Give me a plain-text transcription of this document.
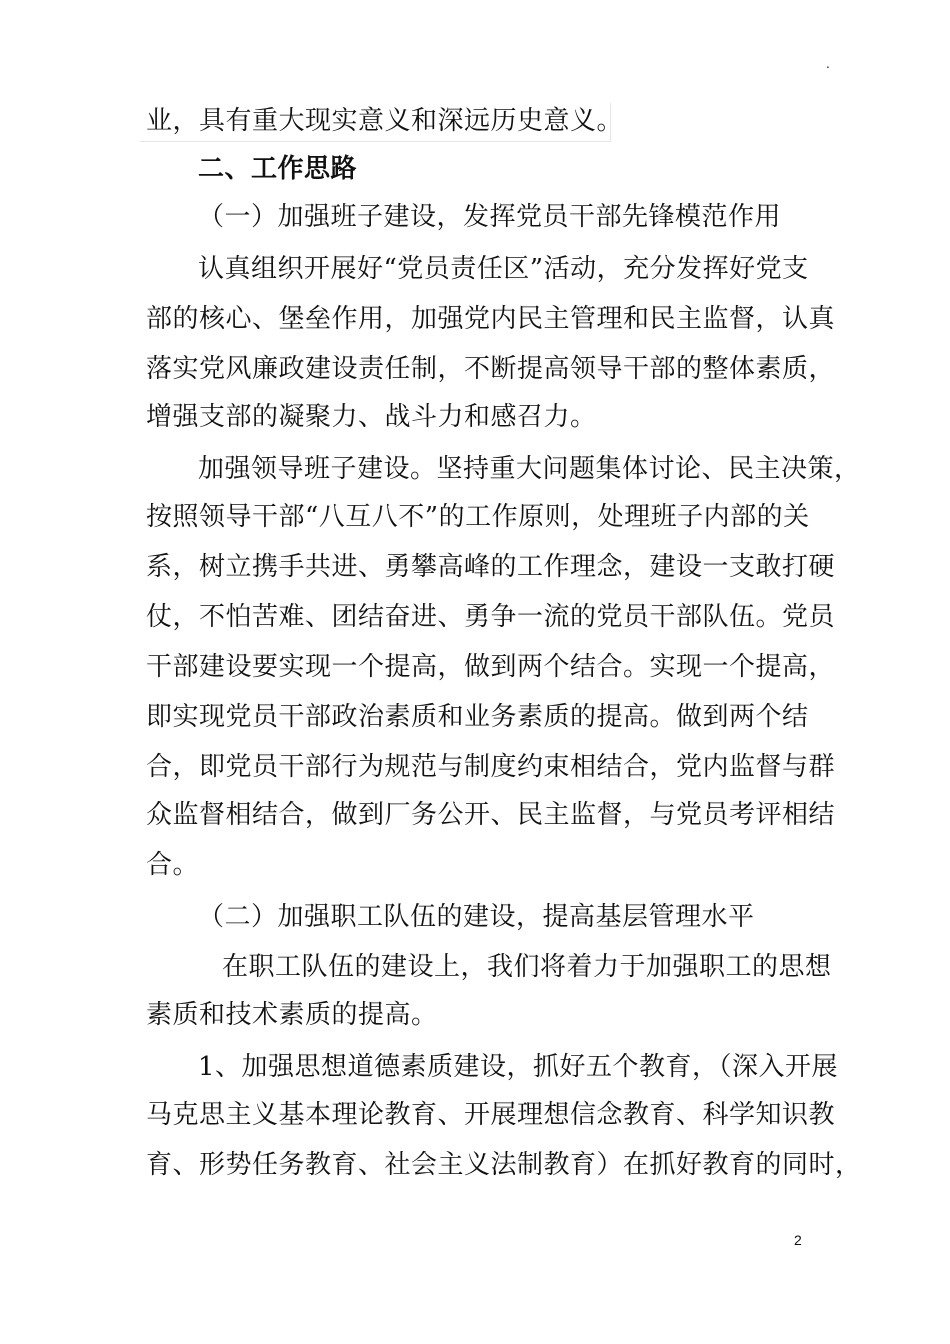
.
业，具有重大现实意义和深远历史意义。
二、工作思路
（一）加强班子建设，发挥党员干部先锋模范作用
认真组织开展好“党员责任区”活动，充分发挥好党支
部的核心、堡垒作用，加强党内民主管理和民主监督，认真
落实党风廉政建设责任制，不断提高领导干部的整体素质，
增强支部的凝聚力、战斗力和感召力。
加强领导班子建设。坚持重大问题集体讨论、民主决策，
按照领导干部“八互八不”的工作原则，处理班子内部的关
系，树立携手共进、勇攀高峰的工作理念，建设一支敢打硬
仗，不怕苦难、团结奋进、勇争一流的党员干部队伍。党员
干部建设要实现一个提高，做到两个结合。实现一个提高，
即实现党员干部政治素质和业务素质的提高。做到两个结
合，即党员干部行为规范与制度约束相结合，党内监督与群
众监督相结合，做到厂务公开、民主监督，与党员考评相结
合。
（二）加强职工队伍的建设，提高基层管理水平
在职工队伍的建设上，我们将着力于加强职工的思想
素质和技术素质的提高。
1、加强思想道德素质建设，抓好五个教育，（深入开展
马克思主义基本理论教育、开展理想信念教育、科学知识教
育、形势任务教育、社会主义法制教育）在抓好教育的同时，
2
